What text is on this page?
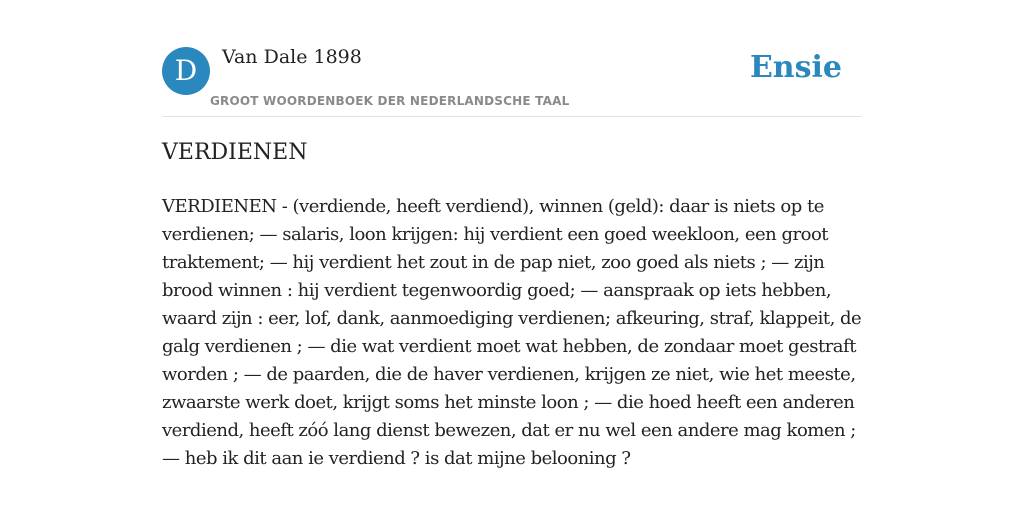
D	Van Dale 1898
GROOT WOORDENBOEK DER NEDERLANDSCHE TAAL
Ensie
VERDIENEN

VERDIENEN - (verdiende, heeft verdiend), winnen (geld): daar is niets op te verdienen; — salaris, loon krijgen: hij verdient een goed weekloon, een groot traktement; — hij verdient het zout in de pap niet, zoo goed als niets ; — zijn brood winnen : hij verdient tegenwoordig goed; — aanspraak op iets hebben, waard zijn : eer, lof, dank, aanmoediging verdienen; afkeuring, straf, klappeit, de galg verdienen ; — die wat verdient moet wat hebben, de zondaar moet gestraft worden ; — de paarden, die de haver verdienen, krijgen ze niet, wie het meeste, zwaarste werk doet, krijgt soms het minste loon ; — die hoed heeft een anderen verdiend, heeft zóó lang dienst bewezen, dat er nu wel een andere mag komen ; — heb ik dit aan ie verdiend ? is dat mijne belooning ?
